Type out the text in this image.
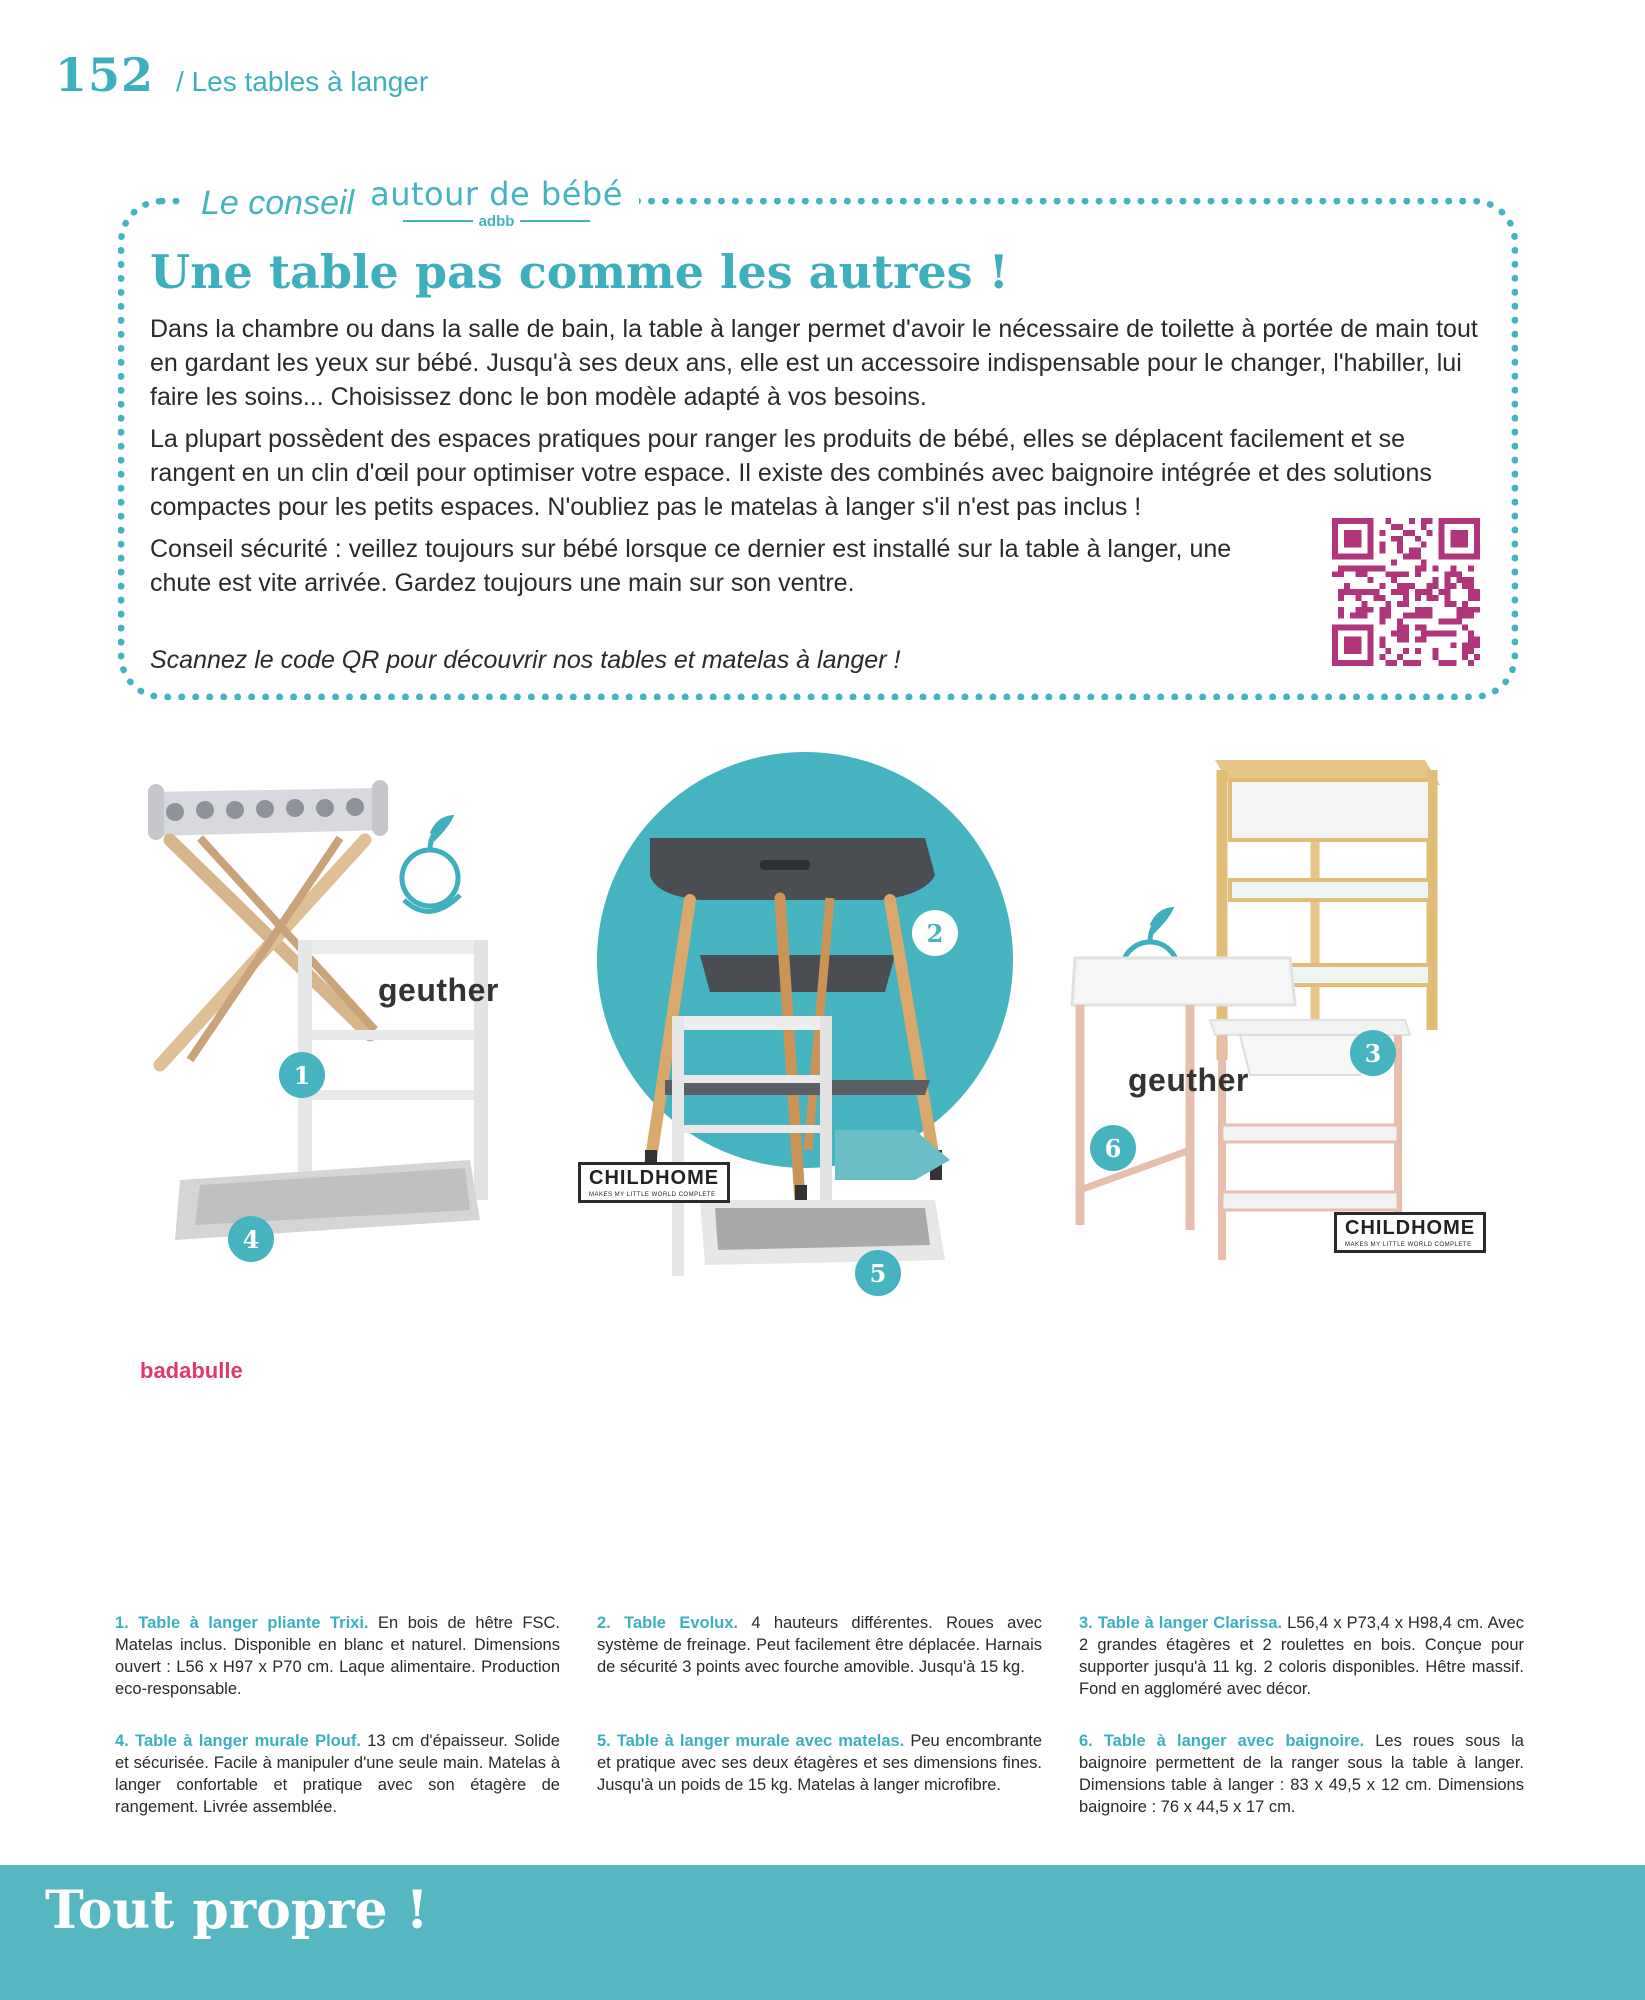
152 / Les tables à langer
Le conseil autour de bébé
adbb
Une table pas comme les autres !

Dans la chambre ou dans la salle de bain, la table à langer permet d'avoir le nécessaire de toilette à portée de main tout en gardant les yeux sur bébé. Jusqu'à ses deux ans, elle est un accessoire indispensable pour le changer, l'habiller, lui faire les soins... Choisissez donc le bon modèle adapté à vos besoins.

La plupart possèdent des espaces pratiques pour ranger les produits de bébé, elles se déplacent facilement et se rangent en un clin d'œil pour optimiser votre espace. Il existe des combinés avec baignoire intégrée et des solutions compactes pour les petits espaces. N'oubliez pas le matelas à langer s'il n'est pas inclus !

Conseil sécurité : veillez toujours sur bébé lorsque ce dernier est installé sur la table à langer, une chute est vite arrivée. Gardez toujours une main sur son ventre.

Scannez le code QR pour découvrir nos tables et matelas à langer !
1
2
3
4
5
6
geuther
geuther
CHILDHOME
MAKES MY LITTLE WORLD COMPLETE
CHILDHOME
MAKES MY LITTLE WORLD COMPLETE
badabulle
roba

1. Table à langer pliante Trixi. En bois de hêtre FSC. Matelas inclus. Disponible en blanc et naturel. Dimensions ouvert : L56 x H97 x P70 cm. Laque alimentaire. Production eco-responsable.

2. Table Evolux. 4 hauteurs différentes. Roues avec système de freinage. Peut facilement être déplacée. Harnais de sécurité 3 points avec fourche amovible. Jusqu'à 15 kg.

3. Table à langer Clarissa. L56,4 x P73,4 x H98,4 cm. Avec 2 grandes étagères et 2 roulettes en bois. Conçue pour supporter jusqu'à 11 kg. 2 coloris disponibles. Hêtre massif. Fond en aggloméré avec décor.

4. Table à langer murale Plouf. 13 cm d'épaisseur. Solide et sécurisée. Facile à manipuler d'une seule main. Matelas à langer confortable et pratique avec son étagère de rangement. Livrée assemblée.

5. Table à langer murale avec matelas. Peu encombrante et pratique avec ses deux étagères et ses dimensions fines. Jusqu'à un poids de 15 kg. Matelas à langer microfibre.

6. Table à langer avec baignoire. Les roues sous la baignoire permettent de la ranger sous la table à langer. Dimensions table à langer : 83 x 49,5 x 12 cm. Dimensions baignoire : 76 x 44,5 x 17 cm.

Tout propre !
